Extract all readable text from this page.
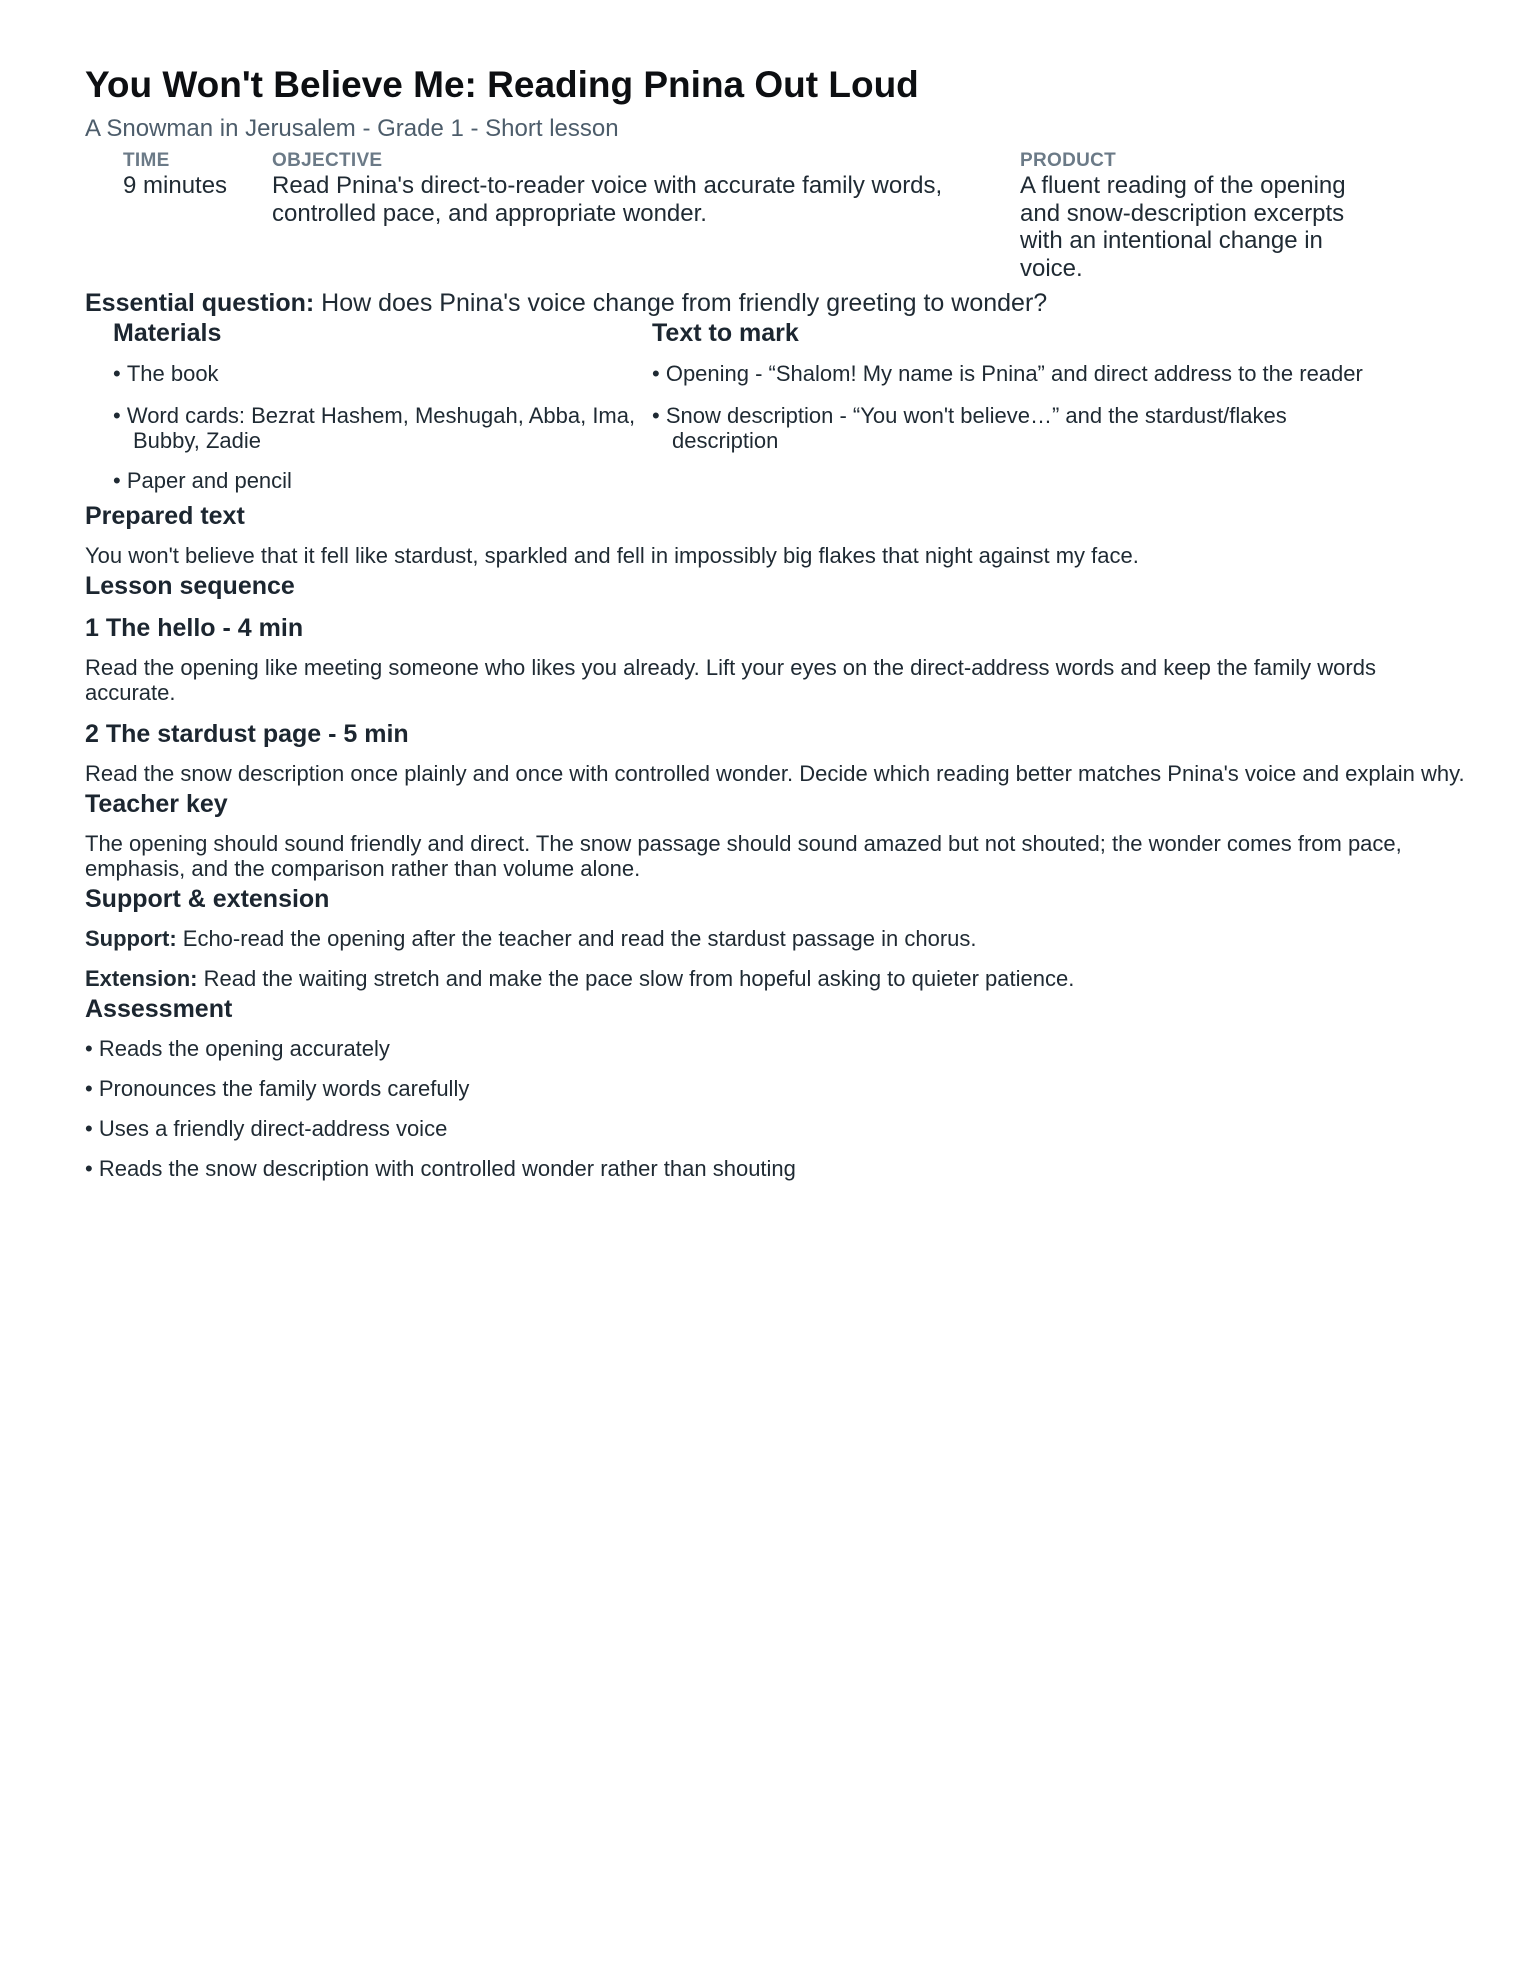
You Won't Believe Me: Reading Pnina Out Loud
A Snowman in Jerusalem - Grade 1 - Short lesson
TIME
9 minutes
OBJECTIVE
Read Pnina's direct-to-reader voice with accurate family words, controlled pace, and appropriate wonder.
PRODUCT
A fluent reading of the opening and snow-description excerpts with an intentional change in voice.
Essential question: How does Pnina's voice change from friendly greeting to wonder?
Materials
• The book
• Word cards: Bezrat Hashem, Meshugah, Abba, Ima, Bubby, Zadie
• Paper and pencil
Text to mark
• Opening - “Shalom! My name is Pnina” and direct address to the reader
• Snow description - “You won't believe…” and the stardust/flakes description
Prepared text
You won't believe that it fell like stardust, sparkled and fell in impossibly big flakes that night against my face.
Lesson sequence
1 The hello - 4 min
Read the opening like meeting someone who likes you already. Lift your eyes on the direct-address words and keep the family words accurate.
2 The stardust page - 5 min
Read the snow description once plainly and once with controlled wonder. Decide which reading better matches Pnina's voice and explain why.
Teacher key
The opening should sound friendly and direct. The snow passage should sound amazed but not shouted; the wonder comes from pace, emphasis, and the comparison rather than volume alone.
Support & extension
Support: Echo-read the opening after the teacher and read the stardust passage in chorus.
Extension: Read the waiting stretch and make the pace slow from hopeful asking to quieter patience.
Assessment
• Reads the opening accurately
• Pronounces the family words carefully
• Uses a friendly direct-address voice
• Reads the snow description with controlled wonder rather than shouting
